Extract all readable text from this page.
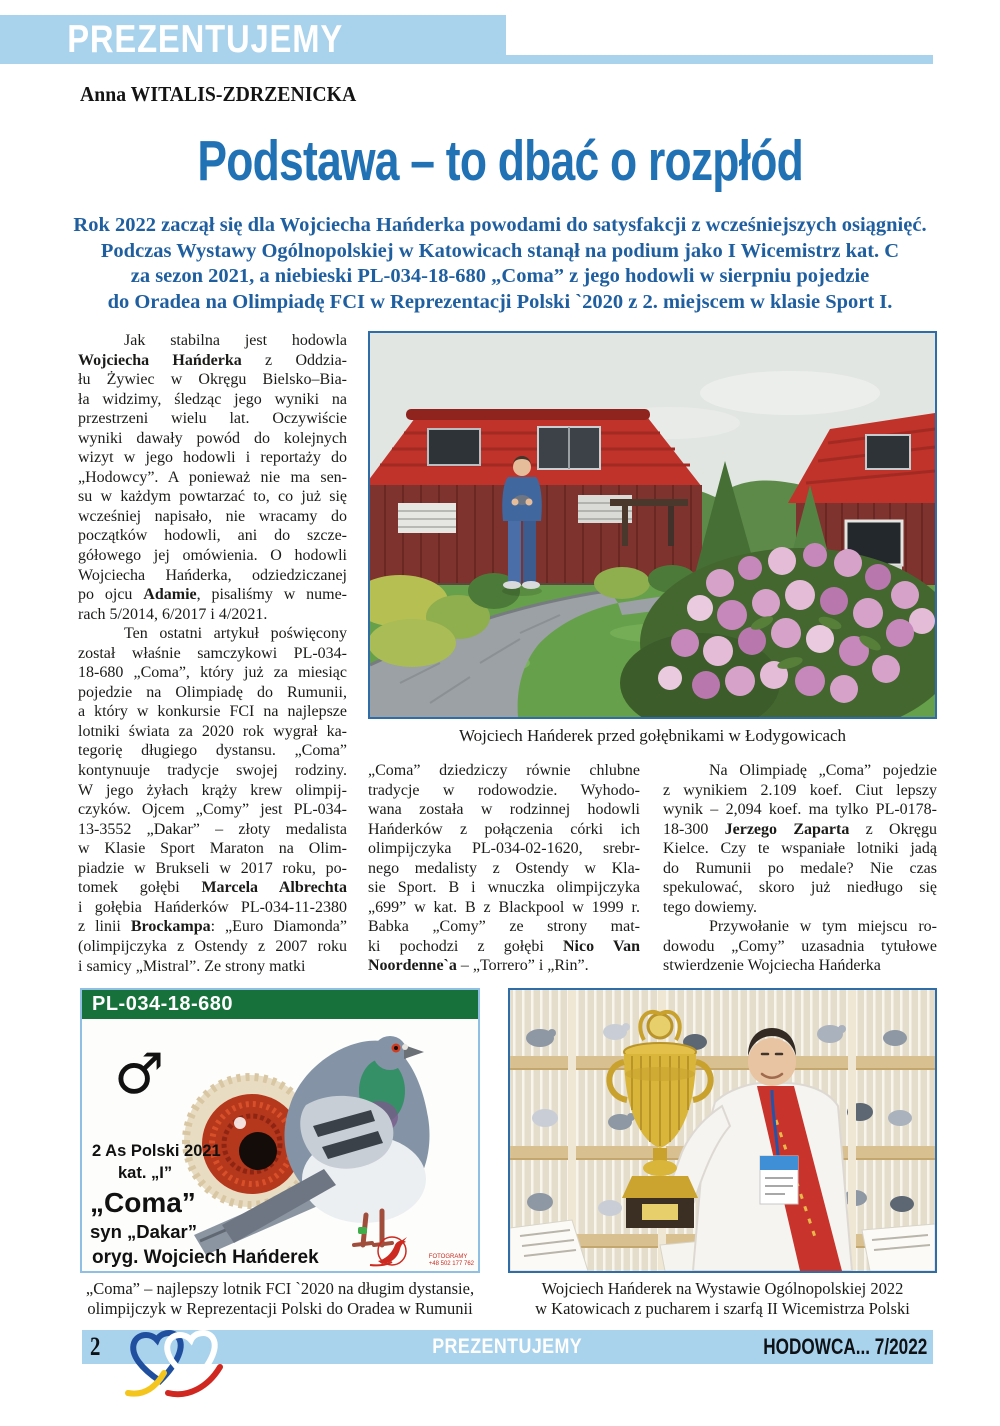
PREZENTUJEMY
Anna WITALIS-ZDRZENICKA
Podstawa – to dbać o rozpłód
Rok 2022 zaczął się dla Wojciecha Hańderka powodami do satysfakcji z wcześniejszych osiągnięć.
Podczas Wystawy Ogólnopolskiej w Katowicach stanął na podium jako I Wicemistrz kat. C
za sezon 2021, a niebieski PL-034-18-680 „Coma” z jego hodowli w sierpniu pojedzie
do Oradea na Olimpiadę FCI w Reprezentacji Polski `2020 z 2. miejscem w klasie Sport I.
Jak stabilna jest hodowla
Wojciecha Hańderka z Oddzia-
łu Żywiec w Okręgu Bielsko–Bia-
ła widzimy, śledząc jego wyniki na
przestrzeni wielu lat. Oczywiście
wyniki dawały powód do kolejnych
wizyt w jego hodowli i reportaży do
„Hodowcy”. A ponieważ nie ma sen-
su w każdym powtarzać to, co już się
wcześniej napisało, nie wracamy do
początków hodowli, ani do szcze-
gółowego jej omówienia. O hodowli
Wojciecha Hańderka, odziedziczanej
po ojcu Adamie, pisaliśmy w nume-
rach 5/2014, 6/2017 i 4/2021.
Ten ostatni artykuł poświęcony
został właśnie samczykowi PL-034-
18-680 „Coma”, który już za miesiąc
pojedzie na Olimpiadę do Rumunii,
a który w konkursie FCI na najlepsze
lotniki świata za 2020 rok wygrał ka-
tegorię długiego dystansu. „Coma”
kontynuuje tradycje swojej rodziny.
W jego żyłach krąży krew olimpij-
czyków. Ojcem „Comy” jest PL-034-
13-3552 „Dakar” – złoty medalista
w Klasie Sport Maraton na Olim-
piadzie w Brukseli w 2017 roku, po-
tomek gołębi Marcela Albrechta
i gołębia Hańderków PL-034-11-2380
z linii Brockampa: „Euro Diamonda”
(olimpijczyka z Ostendy z 2007 roku
i samicy „Mistral”. Ze strony matki
„Coma” dziedziczy równie chlubne
tradycje w rodowodzie. Wyhodo-
wana została w rodzinnej hodowli
Hańderków z połączenia córki ich
olimpijczyka PL-034-02-1620, srebr-
nego medalisty z Ostendy w Kla-
sie Sport. B i wnuczka olimpijczyka
„699” w kat. B z Blackpool w 1999 r.
Babka „Comy” ze strony mat-
ki pochodzi z gołębi Nico Van
Noordenne`a – „Torrero” i „Rin”.
Na Olimpiadę „Coma” pojedzie
z wynikiem 2.109 koef. Ciut lepszy
wynik – 2,094 koef. ma tylko PL-0178-
18-300 Jerzego Zaparta z Okręgu
Kielce. Czy te wspaniałe lotniki jadą
do Rumunii po medale? Nie czas
spekulować, skoro już niedługo się
tego dowiemy.
Przywołanie w tym miejscu ro-
dowodu „Comy” uzasadnia tytułowe
stwierdzenie Wojciecha Hańderka
Wojciech Hańderek przed gołębnikami w Łodygowicach
PL-034-18-680
♂
2 As Polski 2021
kat. „I”
„Coma”
syn „Dakar”
oryg. Wojciech Hańderek	FOTOGRAMY
+48 502 177 762
„Coma” – najlepszy lotnik FCI `2020 na długim dystansie,
olimpijczyk w Reprezentacji Polski do Oradea w Rumunii
Wojciech Hańderek na Wystawie Ogólnopolskiej 2022
w Katowicach z pucharem i szarfą II Wicemistrza Polski
2	PREZENTUJEMY	HODOWCA... 7/2022
